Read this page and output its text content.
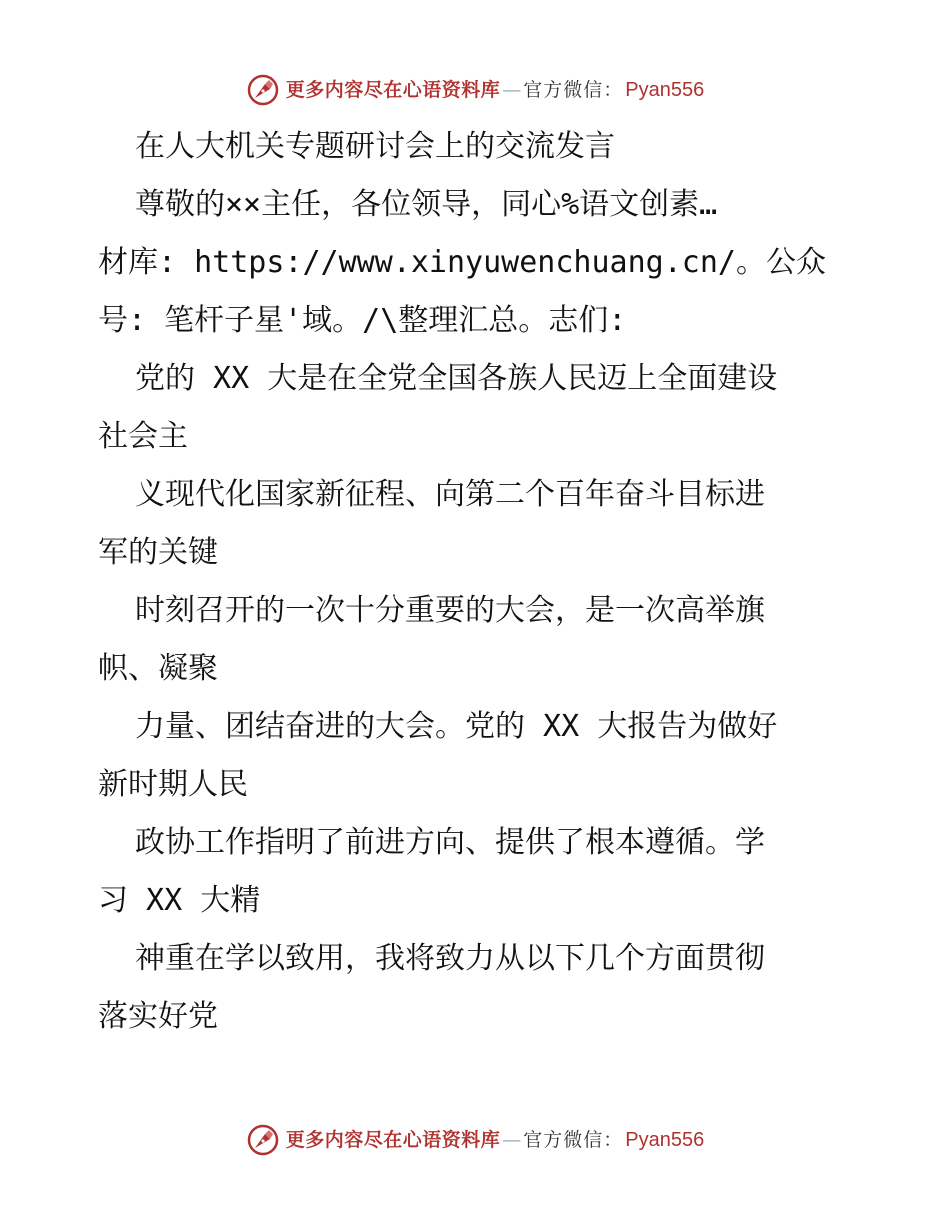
更多内容尽在心语资料库 — 官方微信： Pyan556
在人大机关专题研讨会上的交流发言
尊敬的××主任，各位领导，同心%语文创素…
材库: https://www.xinyuwenchuang.cn/。公众
号: 笔杆子星'域。/\整理汇总。志们:
党的 XX 大是在全党全国各族人民迈上全面建设
社会主
义现代化国家新征程、向第二个百年奋斗目标进
军的关键
时刻召开的一次十分重要的大会，是一次高举旗
帜、凝聚
力量、团结奋进的大会。党的 XX 大报告为做好
新时期人民
政协工作指明了前进方向、提供了根本遵循。学
习 XX 大精
神重在学以致用，我将致力从以下几个方面贯彻
落实好党
更多内容尽在心语资料库 — 官方微信： Pyan556
